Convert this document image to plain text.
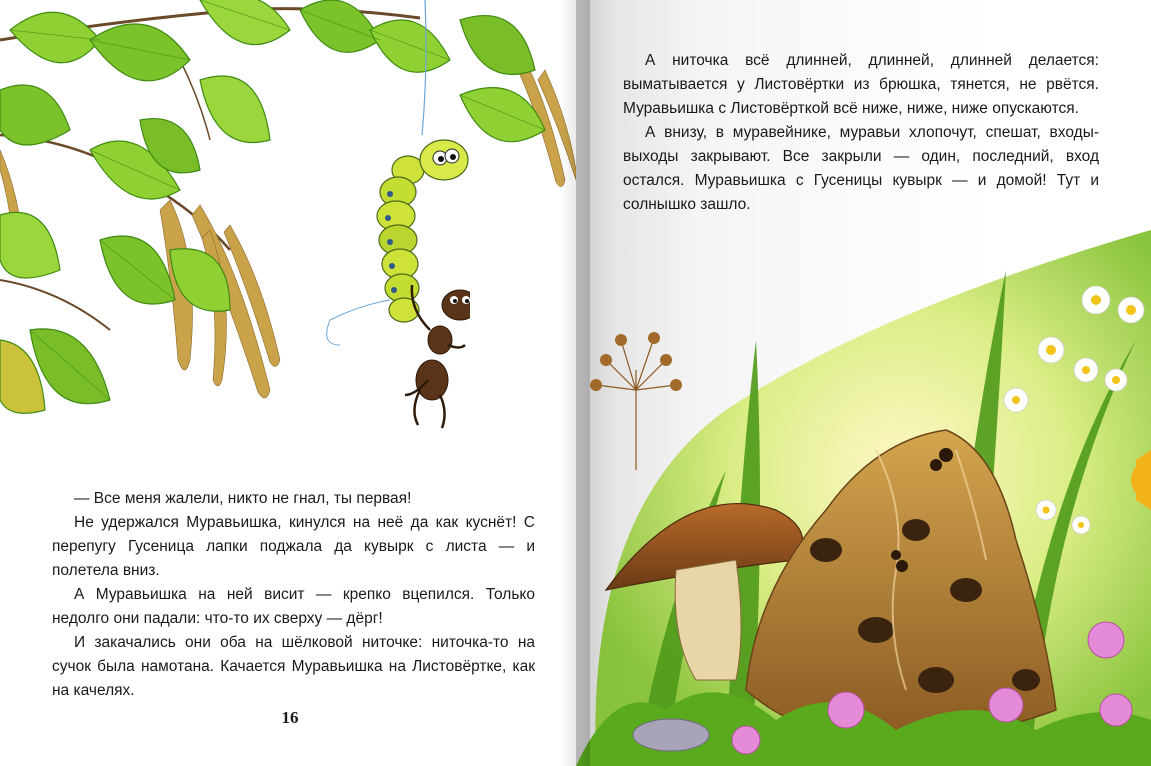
— Все меня жалели, никто не гнал, ты первая!

Не удержался Муравьишка, кинулся на неё да как куснёт! С перепугу Гусеница лапки поджала да кувырк с листа — и полетела вниз.

А Муравьишка на ней висит — крепко вцепился. Только недолго они падали: что-то их сверху — дёрг!

И закачались они оба на шёлковой ниточке: ниточка-то на сучок была намотана. Качается Муравьишка на Листовёртке, как на качелях.

16

А ниточка всё длинней, длинней, длинней делается: выматывается у Листовёртки из брюшка, тянется, не рвётся. Муравьишка с Листовёрткой всё ниже, ниже, ниже опускаются.

А внизу, в муравейнике, муравьи хлопочут, спешат, входы-выходы закрывают. Все закрыли — один, последний, вход остался. Муравьишка с Гусеницы кувырк — и домой! Тут и солнышко зашло.
